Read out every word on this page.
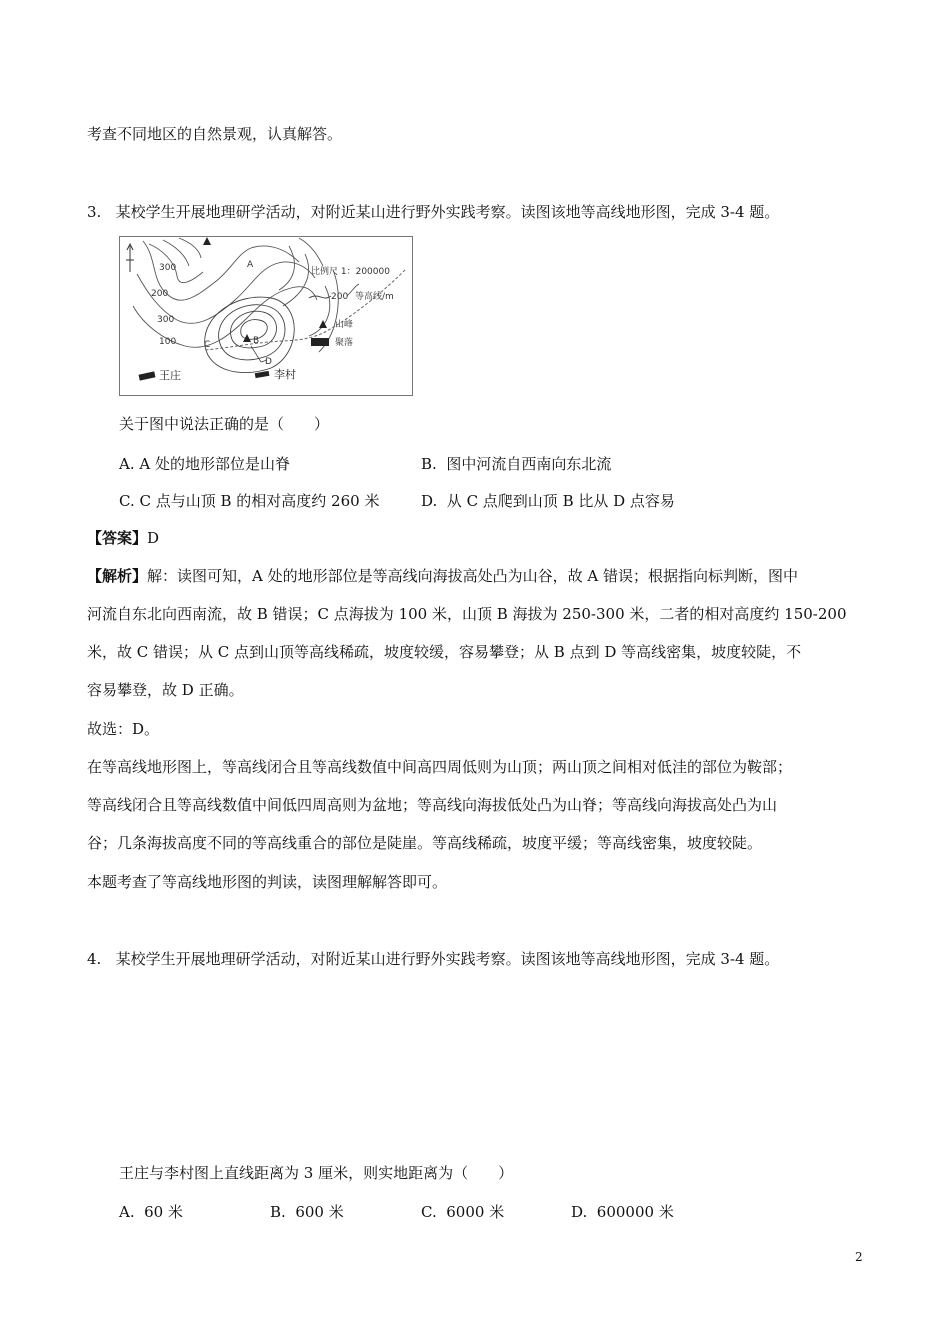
考查不同地区的自然景观，认真解答。
3.   某校学生开展地理研学活动，对附近某山进行野外实践考察。读图该地等高线地形图，完成 3-4 题。
A
B
C
D
300
200
300
100
王庄	李村
比例尺 1：200000
200 等高线/m
山峰
聚落
关于图中说法正确的是（　　）
A. A 处的地形部位是山脊	B.  图中河流自西南向东北流
C. C 点与山顶 B 的相对高度约 260 米	D.  从 C 点爬到山顶 B 比从 D 点容易
【答案】D
【解析】解：读图可知，A 处的地形部位是等高线向海拔高处凸为山谷，故 A 错误；根据指向标判断，图中
河流自东北向西南流，故 B 错误；C 点海拔为 100 米，山顶 B 海拔为 250-300 米，二者的相对高度约 150-200
米，故 C 错误；从 C 点到山顶等高线稀疏，坡度较缓，容易攀登；从 B 点到 D 等高线密集，坡度较陡，不
容易攀登，故 D 正确。
故选：D。
在等高线地形图上，等高线闭合且等高线数值中间高四周低则为山顶；两山顶之间相对低洼的部位为鞍部；
等高线闭合且等高线数值中间低四周高则为盆地；等高线向海拔低处凸为山脊；等高线向海拔高处凸为山
谷；几条海拔高度不同的等高线重合的部位是陡崖。等高线稀疏，坡度平缓；等高线密集，坡度较陡。
本题考查了等高线地形图的判读，读图理解解答即可。
4.   某校学生开展地理研学活动，对附近某山进行野外实践考察。读图该地等高线地形图，完成 3-4 题。
王庄与李村图上直线距离为 3 厘米，则实地距离为（　　）
A.  60 米	B.  600 米	C.  6000 米	D.  600000 米
2
